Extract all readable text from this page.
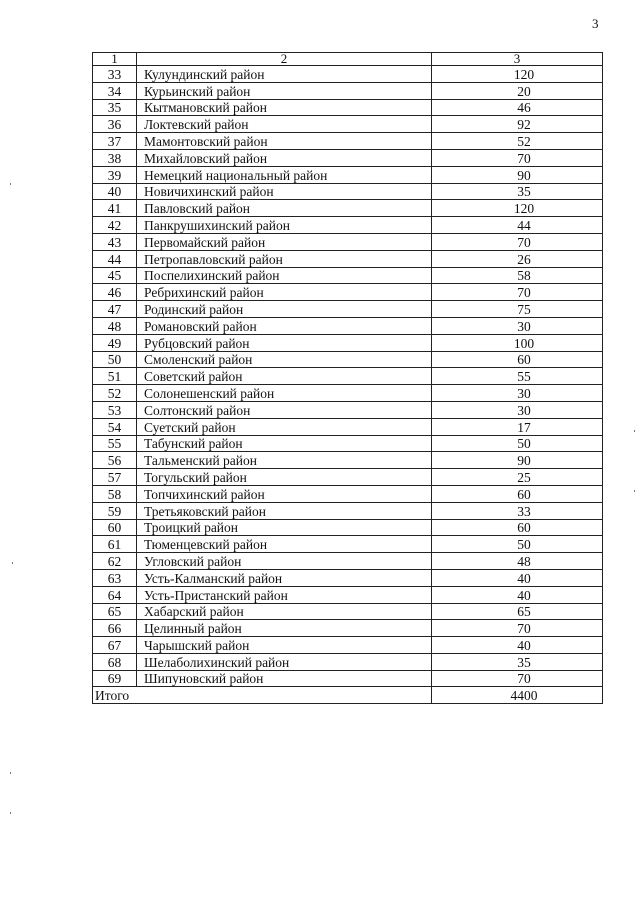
3
1	2	3
33	Кулундинский район	120
34	Курьинский район	20
35	Кытмановский район	46
36	Локтевский район	92
37	Мамонтовский район	52
38	Михайловский район	70
39	Немецкий национальный район	90
40	Новичихинский район	35
41	Павловский район	120
42	Панкрушихинский район	44
43	Первомайский район	70
44	Петропавловский район	26
45	Поспелихинский район	58
46	Ребрихинский район	70
47	Родинский район	75
48	Романовский район	30
49	Рубцовский район	100
50	Смоленский район	60
51	Советский район	55
52	Солонешенский район	30
53	Солтонский район	30
54	Суетский район	17
55	Табунский район	50
56	Тальменский район	90
57	Тогульский район	25
58	Топчихинский район	60
59	Третьяковский район	33
60	Троицкий район	60
61	Тюменцевский район	50
62	Угловский район	48
63	Усть-Калманский район	40
64	Усть-Пристанский район	40
65	Хабарский район	65
66	Целинный район	70
67	Чарышский район	40
68	Шелаболихинский район	35
69	Шипуновский район	70
Итого		4400
